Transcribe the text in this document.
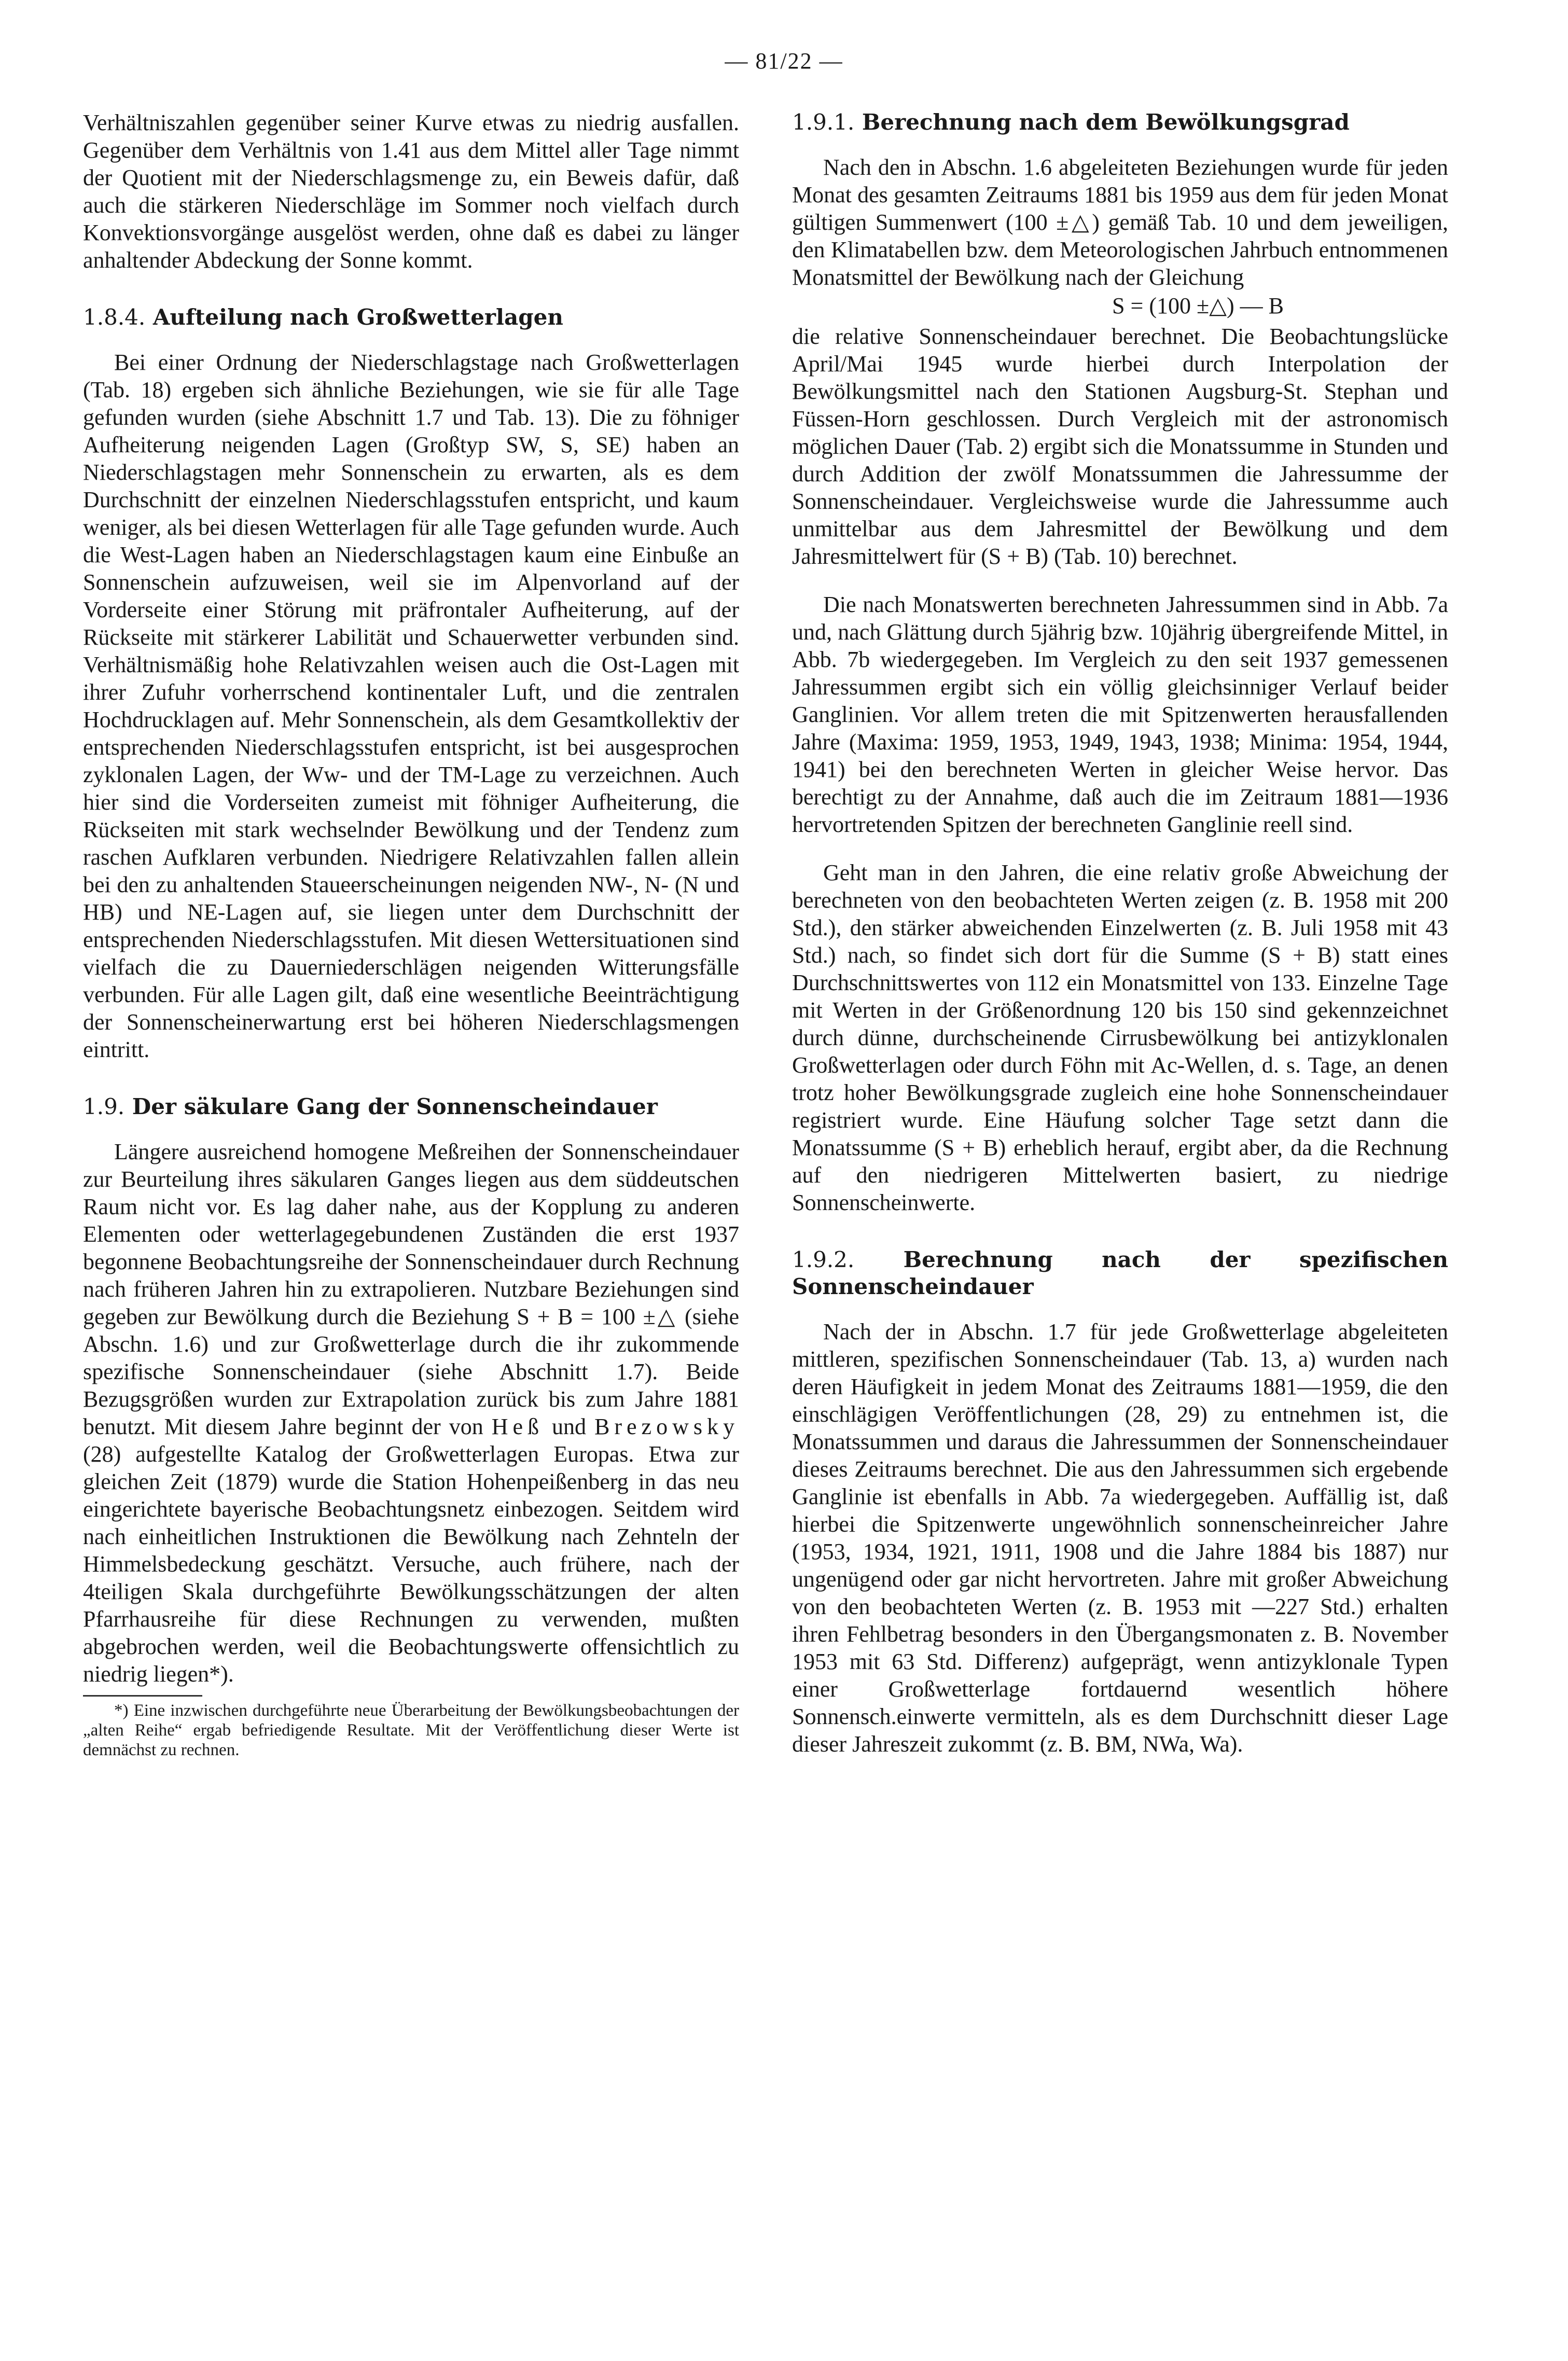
— 81/22 —

Verhältniszahlen gegenüber seiner Kurve etwas zu niedrig ausfallen. Gegenüber dem Verhältnis von 1.41 aus dem Mittel aller Tage nimmt der Quotient mit der Niederschlagsmenge zu, ein Beweis dafür, daß auch die stärkeren Niederschläge im Sommer noch vielfach durch Konvektionsvorgänge ausgelöst werden, ohne daß es dabei zu länger anhaltender Abdeckung der Sonne kommt.

1.8.4. Aufteilung nach Großwetterlagen

Bei einer Ordnung der Niederschlagstage nach Großwetterlagen (Tab. 18) ergeben sich ähnliche Beziehungen, wie sie für alle Tage gefunden wurden (siehe Abschnitt 1.7 und Tab. 13). Die zu föhniger Aufheiterung neigenden Lagen (Großtyp SW, S, SE) haben an Niederschlagstagen mehr Sonnenschein zu erwarten, als es dem Durchschnitt der einzelnen Niederschlagsstufen entspricht, und kaum weniger, als bei diesen Wetterlagen für alle Tage gefunden wurde. Auch die West-Lagen haben an Niederschlagstagen kaum eine Einbuße an Sonnenschein aufzuweisen, weil sie im Alpenvorland auf der Vorderseite einer Störung mit präfrontaler Aufheiterung, auf der Rückseite mit stärkerer Labilität und Schauerwetter verbunden sind. Verhältnismäßig hohe Relativzahlen weisen auch die Ost-Lagen mit ihrer Zufuhr vorherrschend kontinentaler Luft, und die zentralen Hochdrucklagen auf. Mehr Sonnenschein, als dem Gesamtkollektiv der entsprechenden Niederschlagsstufen entspricht, ist bei ausgesprochen zyklonalen Lagen, der Ww- und der TM-Lage zu verzeichnen. Auch hier sind die Vorderseiten zumeist mit föhniger Aufheiterung, die Rückseiten mit stark wechselnder Bewölkung und der Tendenz zum raschen Aufklaren verbunden. Niedrigere Relativzahlen fallen allein bei den zu anhaltenden Staueerscheinungen neigenden NW-, N- (N und HB) und NE-Lagen auf, sie liegen unter dem Durchschnitt der entsprechenden Niederschlagsstufen. Mit diesen Wettersituationen sind vielfach die zu Dauerniederschlägen neigenden Witterungsfälle verbunden. Für alle Lagen gilt, daß eine wesentliche Beeinträchtigung der Sonnenscheinerwartung erst bei höheren Niederschlagsmengen eintritt.

1.9. Der säkulare Gang der Sonnenscheindauer

Längere ausreichend homogene Meßreihen der Sonnenscheindauer zur Beurteilung ihres säkularen Ganges liegen aus dem süddeutschen Raum nicht vor. Es lag daher nahe, aus der Kopplung zu anderen Elementen oder wetterlagegebundenen Zuständen die erst 1937 begonnene Beobachtungsreihe der Sonnenscheindauer durch Rechnung nach früheren Jahren hin zu extrapolieren. Nutzbare Beziehungen sind gegeben zur Bewölkung durch die Beziehung S + B = 100 ±△ (siehe Abschn. 1.6) und zur Großwetterlage durch die ihr zukommende spezifische Sonnenscheindauer (siehe Abschnitt 1.7). Beide Bezugsgrößen wurden zur Extrapolation zurück bis zum Jahre 1881 benutzt. Mit diesem Jahre beginnt der von Heß und Brezowsky (28) aufgestellte Katalog der Großwetterlagen Europas. Etwa zur gleichen Zeit (1879) wurde die Station Hohenpeißenberg in das neu eingerichtete bayerische Beobachtungsnetz einbezogen. Seitdem wird nach einheitlichen Instruktionen die Bewölkung nach Zehnteln der Himmelsbedeckung geschätzt. Versuche, auch frühere, nach der 4teiligen Skala durchgeführte Bewölkungsschätzungen der alten Pfarrhausreihe für diese Rechnungen zu verwenden, mußten abgebrochen werden, weil die Beobachtungswerte offensichtlich zu niedrig liegen*).

*) Eine inzwischen durchgeführte neue Überarbeitung der Bewölkungsbeobachtungen der „alten Reihe“ ergab befriedigende Resultate. Mit der Veröffentlichung dieser Werte ist demnächst zu rechnen.

1.9.1. Berechnung nach dem Bewölkungsgrad

Nach den in Abschn. 1.6 abgeleiteten Beziehungen wurde für jeden Monat des gesamten Zeitraums 1881 bis 1959 aus dem für jeden Monat gültigen Summenwert (100 ±△) gemäß Tab. 10 und dem jeweiligen, den Klimatabellen bzw. dem Meteorologischen Jahrbuch entnommenen Monatsmittel der Bewölkung nach der Gleichung

S = (100 ±△) — B

die relative Sonnenscheindauer berechnet. Die Beobachtungslücke April/Mai 1945 wurde hierbei durch Interpolation der Bewölkungsmittel nach den Stationen Augsburg-St. Stephan und Füssen-Horn geschlossen. Durch Vergleich mit der astronomisch möglichen Dauer (Tab. 2) ergibt sich die Monatssumme in Stunden und durch Addition der zwölf Monatssummen die Jahressumme der Sonnenscheindauer. Vergleichsweise wurde die Jahressumme auch unmittelbar aus dem Jahresmittel der Bewölkung und dem Jahresmittelwert für (S + B) (Tab. 10) berechnet.

Die nach Monatswerten berechneten Jahressummen sind in Abb. 7a und, nach Glättung durch 5jährig bzw. 10jährig übergreifende Mittel, in Abb. 7b wiedergegeben. Im Vergleich zu den seit 1937 gemessenen Jahressummen ergibt sich ein völlig gleichsinniger Verlauf beider Ganglinien. Vor allem treten die mit Spitzenwerten herausfallenden Jahre (Maxima: 1959, 1953, 1949, 1943, 1938; Minima: 1954, 1944, 1941) bei den berechneten Werten in gleicher Weise hervor. Das berechtigt zu der Annahme, daß auch die im Zeitraum 1881—1936 hervortretenden Spitzen der berechneten Ganglinie reell sind.

Geht man in den Jahren, die eine relativ große Abweichung der berechneten von den beobachteten Werten zeigen (z. B. 1958 mit 200 Std.), den stärker abweichenden Einzelwerten (z. B. Juli 1958 mit 43 Std.) nach, so findet sich dort für die Summe (S + B) statt eines Durchschnittswertes von 112 ein Monatsmittel von 133. Einzelne Tage mit Werten in der Größenordnung 120 bis 150 sind gekennzeichnet durch dünne, durchscheinende Cirrusbewölkung bei antizyklonalen Großwetterlagen oder durch Föhn mit Ac-Wellen, d. s. Tage, an denen trotz hoher Bewölkungsgrade zugleich eine hohe Sonnenscheindauer registriert wurde. Eine Häufung solcher Tage setzt dann die Monatssumme (S + B) erheblich herauf, ergibt aber, da die Rechnung auf den niedrigeren Mittelwerten basiert, zu niedrige Sonnenscheinwerte.

1.9.2. Berechnung nach der spezifischen Sonnenscheindauer

Nach der in Abschn. 1.7 für jede Großwetterlage abgeleiteten mittleren, spezifischen Sonnenscheindauer (Tab. 13, a) wurden nach deren Häufigkeit in jedem Monat des Zeitraums 1881—1959, die den einschlägigen Veröffentlichungen (28, 29) zu entnehmen ist, die Monatssummen und daraus die Jahressummen der Sonnenscheindauer dieses Zeitraums berechnet. Die aus den Jahressummen sich ergebende Ganglinie ist ebenfalls in Abb. 7a wiedergegeben. Auffällig ist, daß hierbei die Spitzenwerte ungewöhnlich sonnenscheinreicher Jahre (1953, 1934, 1921, 1911, 1908 und die Jahre 1884 bis 1887) nur ungenügend oder gar nicht hervortreten. Jahre mit großer Abweichung von den beobachteten Werten (z. B. 1953 mit —227 Std.) erhalten ihren Fehlbetrag besonders in den Übergangsmonaten z. B. November 1953 mit 63 Std. Differenz) aufgeprägt, wenn antizyklonale Typen einer Großwetterlage fortdauernd wesentlich höhere Sonnensch.einwerte vermitteln, als es dem Durchschnitt dieser Lage dieser Jahreszeit zukommt (z. B. BM, NWa, Wa).
